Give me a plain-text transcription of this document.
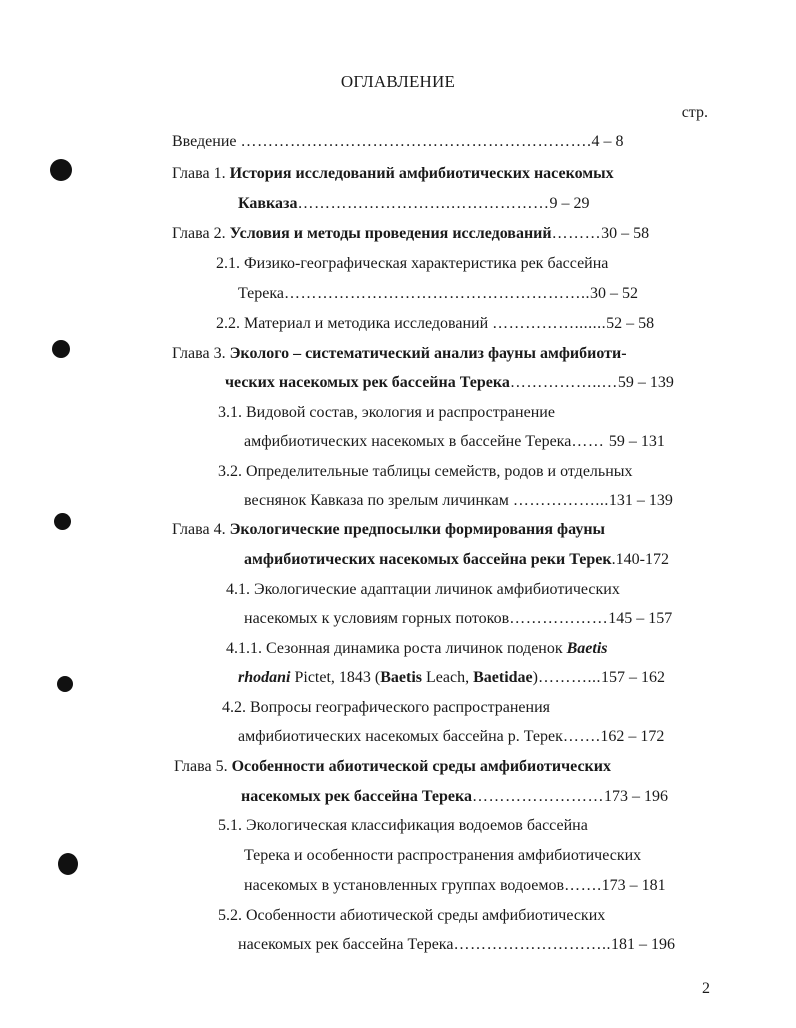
ОГЛАВЛЕНИЕ
стр.
Введение ……………………………………………………….4 – 8
Глава 1. История исследований амфибиотических насекомых
Кавказа……………………….………………9 – 29
Глава 2. Условия и методы проведения исследований………30 – 58
2.1. Физико-географическая характеристика рек бассейна
Терека………………………………………………..30 – 52
2.2. Материал и методика исследований …………….......52 – 58
Глава 3. Эколого – систематический анализ фауны амфибиоти-
ческих насекомых рек бассейна Терека……………..…59 – 139
3.1. Видовой состав, экология и распространение
амфибиотических насекомых в бассейне Терека…… 59 – 131
3.2. Определительные таблицы семейств, родов и отдельных
веснянок Кавказа по зрелым личинкам ……………...131 – 139
Глава 4. Экологические предпосылки формирования фауны
амфибиотических насекомых бассейна реки Терек.140-172
4.1. Экологические адаптации личинок амфибиотических
насекомых к условиям горных потоков………………145 – 157
4.1.1. Сезонная динамика роста личинок поденок Baetis
rhodani Pictet, 1843 (Baetis Leach, Baetidae)………...157 – 162
4.2. Вопросы географического распространения
амфибиотических насекомых бассейна р. Терек…….162 – 172
Глава 5. Особенности абиотической среды амфибиотических
насекомых рек бассейна Терека……………………173 – 196
5.1. Экологическая классификация водоемов бассейна
Терека и особенности распространения амфибиотических
насекомых в установленных группах водоемов…….173 – 181
5.2. Особенности абиотической среды амфибиотических
насекомых рек бассейна Терека………………………..181 – 196
2
